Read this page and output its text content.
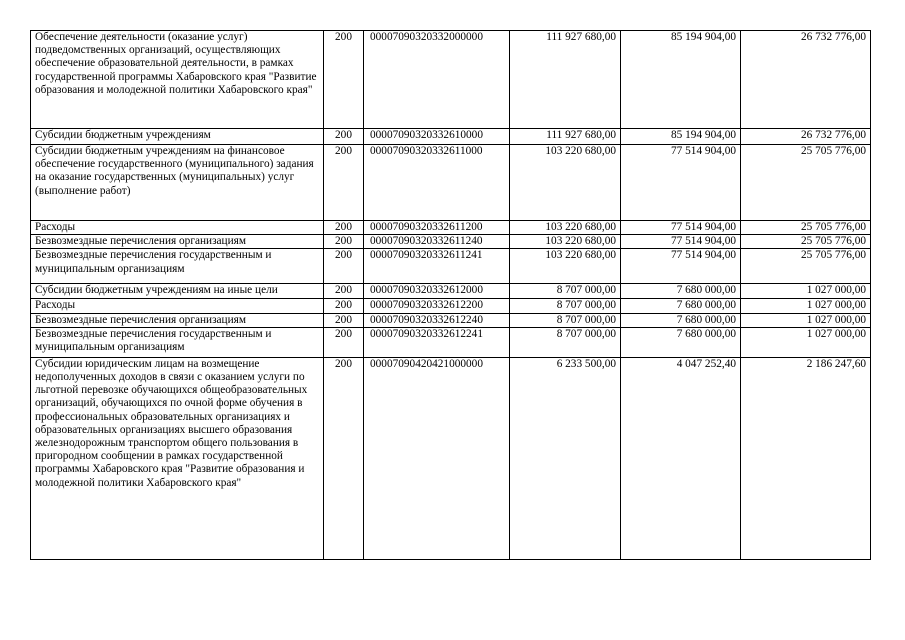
Обеспечение деятельности (оказание услуг) подведомственных организаций, осуществляющих обеспечение образовательной деятельности, в рамках государственной программы Хабаровского края "Развитие образования и молодежной политики Хабаровского края"	200	00007090320332000000	111 927 680,00	85 194 904,00	26 732 776,00
Субсидии бюджетным учреждениям	200	00007090320332610000	111 927 680,00	85 194 904,00	26 732 776,00
Субсидии бюджетным учреждениям на финансовое обеспечение государственного (муниципального) задания на оказание государственных (муниципальных) услуг (выполнение работ)	200	00007090320332611000	103 220 680,00	77 514 904,00	25 705 776,00
Расходы	200	00007090320332611200	103 220 680,00	77 514 904,00	25 705 776,00
Безвозмездные перечисления организациям	200	00007090320332611240	103 220 680,00	77 514 904,00	25 705 776,00
Безвозмездные перечисления государственным и муниципальным организациям	200	00007090320332611241	103 220 680,00	77 514 904,00	25 705 776,00
Субсидии бюджетным учреждениям на иные цели	200	00007090320332612000	8 707 000,00	7 680 000,00	1 027 000,00
Расходы	200	00007090320332612200	8 707 000,00	7 680 000,00	1 027 000,00
Безвозмездные перечисления организациям	200	00007090320332612240	8 707 000,00	7 680 000,00	1 027 000,00
Безвозмездные перечисления государственным и муниципальным организациям	200	00007090320332612241	8 707 000,00	7 680 000,00	1 027 000,00
Субсидии юридическим лицам на возмещение недополученных доходов в связи с оказанием услуги по льготной перевозке обучающихся общеобразовательных организаций, обучающихся по очной форме обучения в профессиональных образовательных организациях и образовательных организациях высшего образования железнодорожным транспортом общего пользования в пригородном сообщении в рамках государственной программы Хабаровского края "Развитие образования и молодежной политики Хабаровского края"	200	00007090420421000000	6 233 500,00	4 047 252,40	2 186 247,60
